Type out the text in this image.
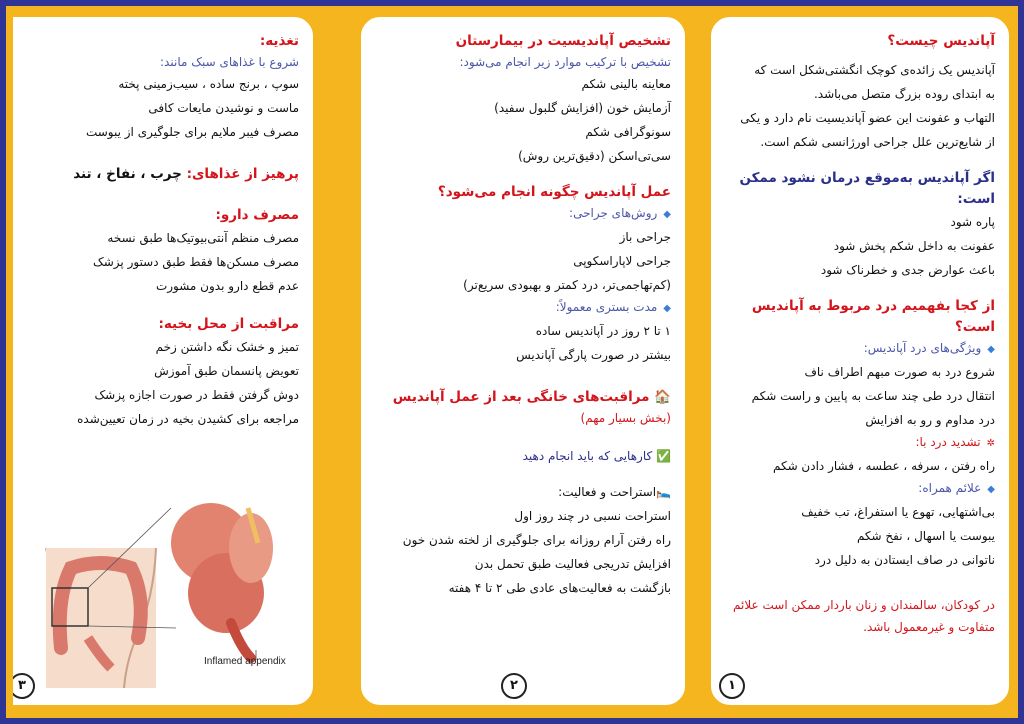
آپاندیس چیست؟
آپاندیس یک زائده‌ی کوچک انگشتی‌شکل است که
به ابتدای روده بزرگ متصل می‌باشد.
التهاب و عفونت این عضو آپاندیسیت نام دارد و یکی
از شایع‌ترین علل جراحی اورژانسی شکم است.
اگر آپاندیس به‌موقع درمان نشود ممکن است:
پاره شود
عفونت به داخل شکم پخش شود
باعث عوارض جدی و خطرناک شود
از کجا بفهمیم درد مربوط به آپاندیس است؟
◆ویژگی‌های درد آپاندیس:
شروع درد به صورت مبهم اطراف ناف
انتقال درد طی چند ساعت به پایین و راست شکم
درد مداوم و رو به افزایش
✲تشدید درد با:
راه رفتن ، سرفه ، عطسه ، فشار دادن شکم
◆علائم همراه:
بی‌اشتهایی، تهوع یا استفراغ، تب خفیف
یبوست یا اسهال ، نفخ شکم
ناتوانی در صاف ایستادن به دلیل درد
در کودکان، سالمندان و زنان باردار ممکن است علائم
متفاوت و غیرمعمول باشد.
۱
تشخیص آپاندیسیت در بیمارستان
تشخیص با ترکیب موارد زیر انجام می‌شود:
معاینه بالینی شکم
آزمایش خون (افزایش گلبول سفید)
سونوگرافی شکم
سی‌تی‌اسکن (دقیق‌ترین روش)
عمل آپاندیس چگونه انجام می‌شود؟
◆روش‌های جراحی:
جراحی باز
جراحی لاپاراسکوپی
(کم‌تهاجمی‌تر، درد کمتر و بهبودی سریع‌تر)
◆مدت بستری معمولاً:
۱ تا ۲ روز در آپاندیس ساده
بیشتر در صورت پارگی آپاندیس
🏠 مراقبت‌های خانگی بعد از عمل آپاندیس
(بخش بسیار مهم)
✅ کارهایی که باید انجام دهید
🛌استراحت و فعالیت:
استراحت نسبی در چند روز اول
راه رفتن آرام روزانه برای جلوگیری از لخته شدن خون
افزایش تدریجی فعالیت طبق تحمل بدن
بازگشت به فعالیت‌های عادی طی ۲ تا ۴ هفته
۲
تغذیه:
شروع با غذاهای سبک مانند:
سوپ ، برنج ساده ، سیب‌زمینی پخته
ماست و نوشیدن مایعات کافی
مصرف فیبر ملایم برای جلوگیری از یبوست
پرهیز از غذاهای: چرب ، نفاخ ، تند
مصرف دارو:
مصرف منظم آنتی‌بیوتیک‌ها طبق نسخه
مصرف مسکن‌ها فقط طبق دستور پزشک
عدم قطع دارو بدون مشورت
مراقبت از محل بخیه:
تمیز و خشک نگه داشتن زخم
تعویض پانسمان طبق آموزش
دوش گرفتن فقط در صورت اجازه پزشک
مراجعه برای کشیدن بخیه در زمان تعیین‌شده
۳
Inflamed appendix
